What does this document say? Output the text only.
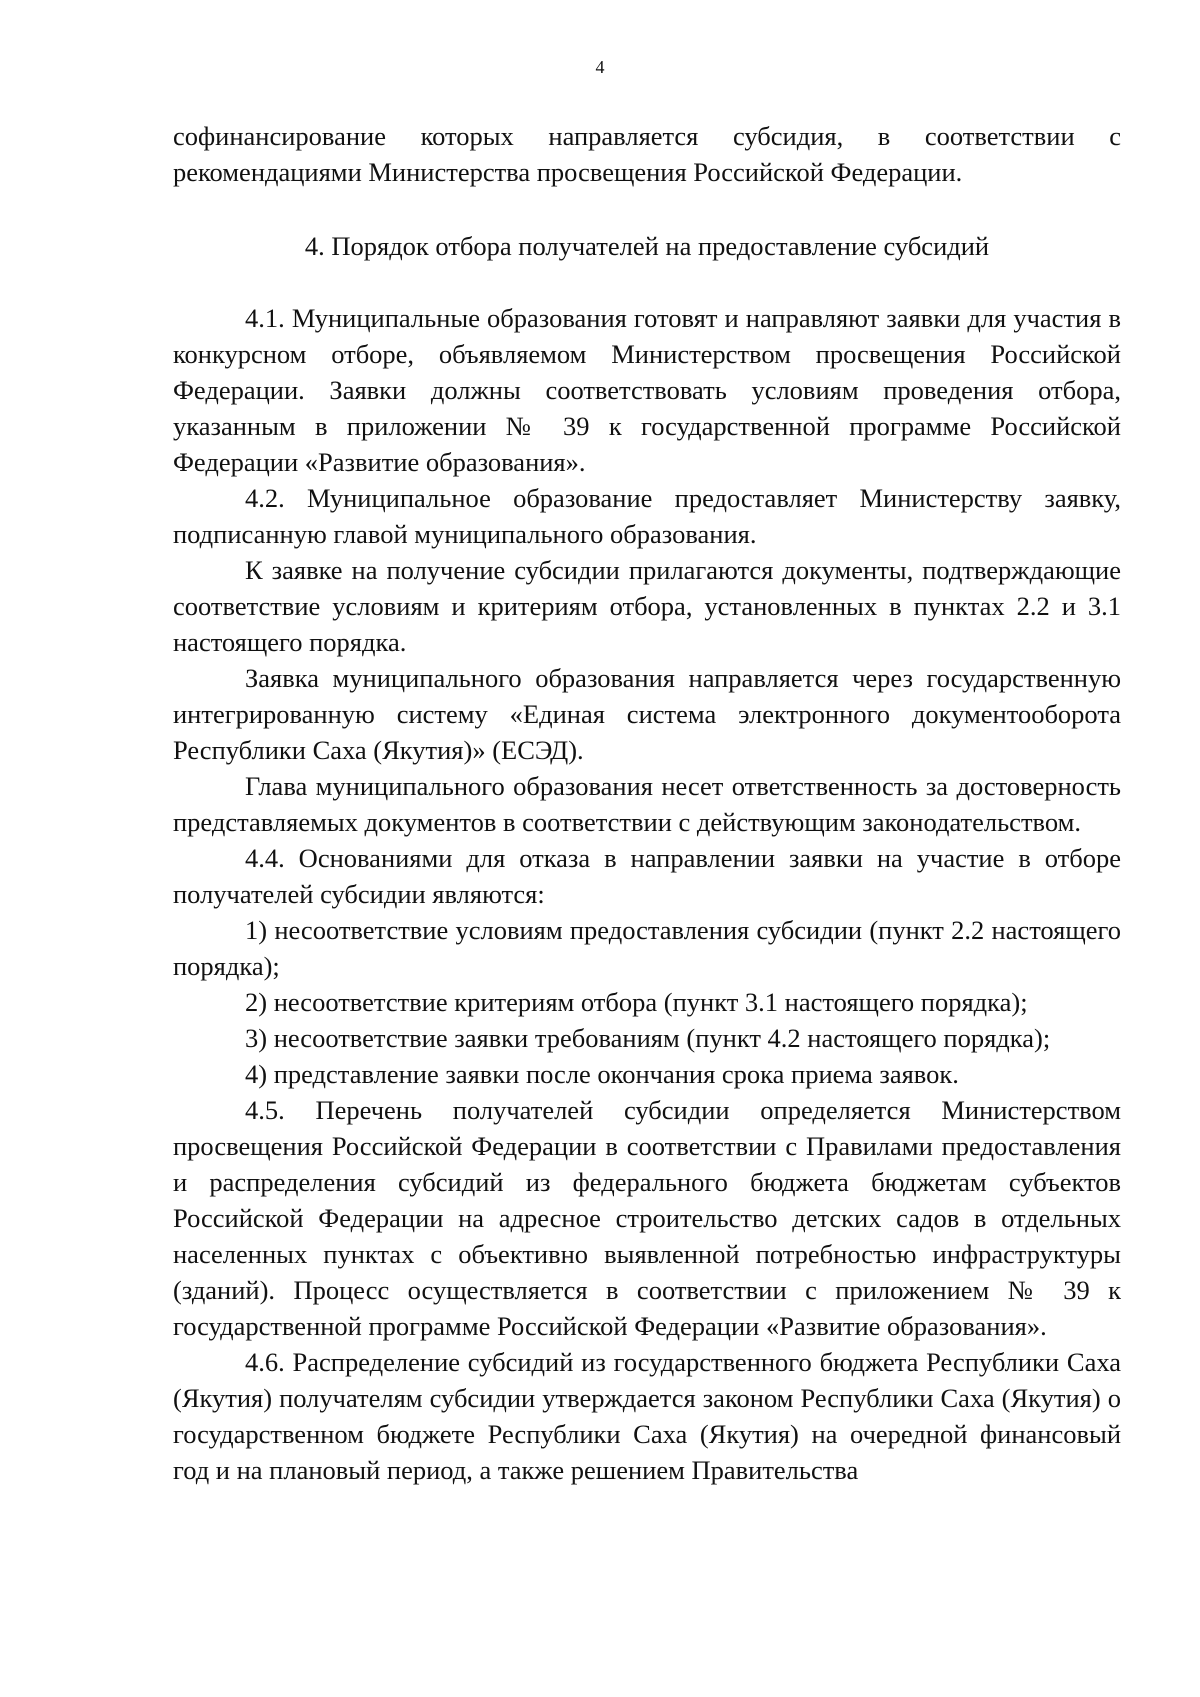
4

софинансирование которых направляется субсидия, в соответствии с рекомендациями Министерства просвещения Российской Федерации.

4. Порядок отбора получателей на предоставление субсидий

4.1. Муниципальные образования готовят и направляют заявки для участия в конкурсном отборе, объявляемом Министерством просвещения Российской Федерации. Заявки должны соответствовать условиям проведения отбора, указанным в приложении № 39 к государственной программе Российской Федерации «Развитие образования».

4.2. Муниципальное образование предоставляет Министерству заявку, подписанную главой муниципального образования.

К заявке на получение субсидии прилагаются документы, подтверждающие соответствие условиям и критериям отбора, установленных в пунктах 2.2 и 3.1 настоящего порядка.

Заявка муниципального образования направляется через государственную интегрированную систему «Единая система электронного документооборота Республики Саха (Якутия)» (ЕСЭД).

Глава муниципального образования несет ответственность за достоверность представляемых документов в соответствии с действующим законодательством.

4.4. Основаниями для отказа в направлении заявки на участие в отборе получателей субсидии являются:

1) несоответствие условиям предоставления субсидии (пункт 2.2 настоящего порядка);

2) несоответствие критериям отбора (пункт 3.1 настоящего порядка);

3) несоответствие заявки требованиям (пункт 4.2 настоящего порядка);

4) представление заявки после окончания срока приема заявок.

4.5. Перечень получателей субсидии определяется Министерством просвещения Российской Федерации в соответствии с Правилами предоставления и распределения субсидий из федерального бюджета бюджетам субъектов Российской Федерации на адресное строительство детских садов в отдельных населенных пунктах с объективно выявленной потребностью инфраструктуры (зданий). Процесс осуществляется в соответствии с приложением № 39 к государственной программе Российской Федерации «Развитие образования».

4.6. Распределение субсидий из государственного бюджета Республики Саха (Якутия) получателям субсидии утверждается законом Республики Саха (Якутия) о государственном бюджете Республики Саха (Якутия) на очередной финансовый год и на плановый период, а также решением Правительства
